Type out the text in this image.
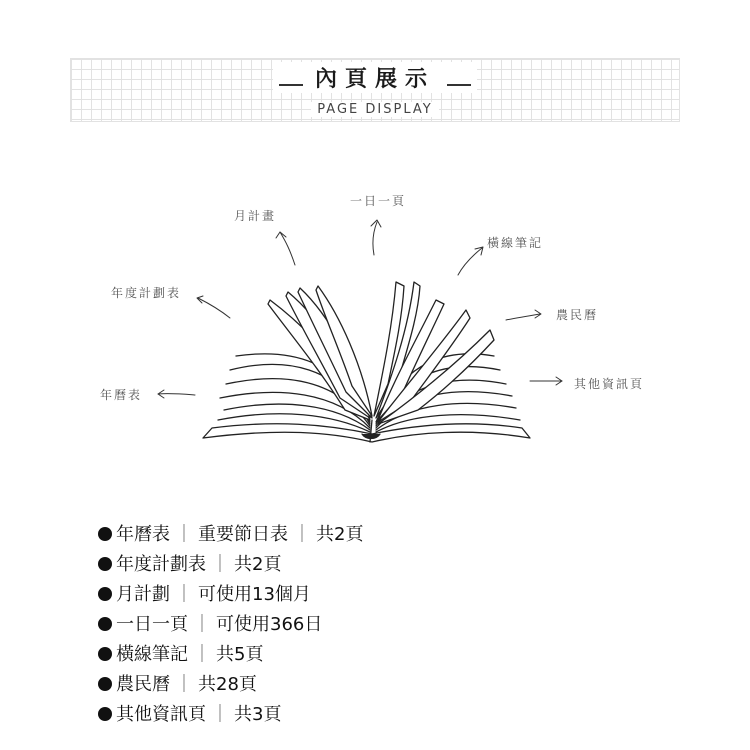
內頁展示
PAGE DISPLAY
月計畫
一日一頁
橫線筆記
年度計劃表
農民曆
年曆表
其他資訊頁
年曆表 ｜ 重要節日表 ｜ 共2頁
年度計劃表 ｜ 共2頁
月計劃 ｜ 可使用13個月
一日一頁 ｜ 可使用366日
橫線筆記 ｜ 共5頁
農民曆 ｜ 共28頁
其他資訊頁 ｜ 共3頁
